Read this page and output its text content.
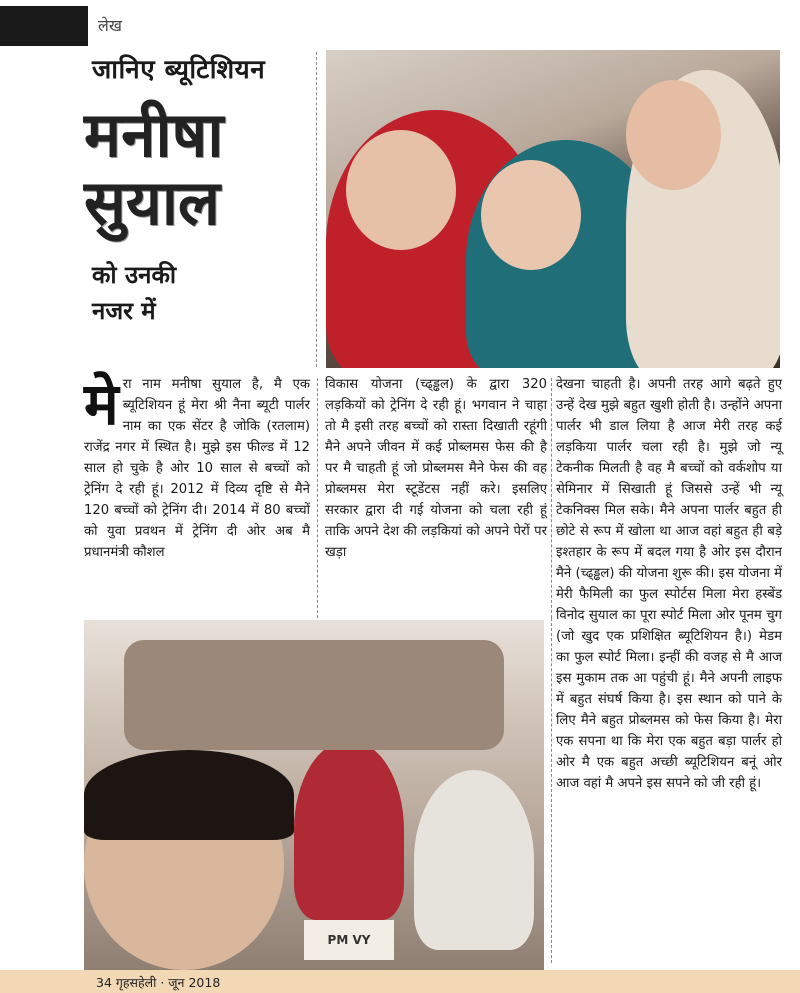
लेख
जानिए ब्यूटिशियन
मनीषा
सुयाल
को उनकी
नजर में
मे रा नाम मनीषा सुयाल है, मै एक ब्यूटिशियन हूं मेरा श्री नैना ब्यूटी पार्लर नाम का एक सेंटर है जोकि (रतलाम) राजेंद्र नगर में स्थित है। मुझे इस फील्ड में 12 साल हो चुके है ओर 10 साल से बच्चों को ट्रेनिंग दे रही हूं। 2012 में दिव्य दृष्टि से मैने 120 बच्चों को ट्रेनिंग दी। 2014 में 80 बच्चों को युवा प्रवथन में ट्रेनिंग दी ओर अब मै प्रधानमंत्री कौशल

विकास योजना (च्ढ्ड्ढल) के द्वारा 320 लड़कियों को ट्रेनिंग दे रही हूं। भगवान ने चाहा तो मै इसी तरह बच्चों को रास्ता दिखाती रहूंगी मैने अपने जीवन में कई प्रोब्लमस फेस की है पर मै चाहती हूं जो प्रोब्लमस मैने फेस की वह प्रोब्लमस मेरा स्टूडेंटस नहीं करे। इसलिए सरकार द्वारा दी गई योजना को चला रही हूं ताकि अपने देश की लड़कियां को अपने पेरों पर खड़ा

देखना चाहती है। अपनी तरह आगे बढ़ते हुए उन्हें देख मुझे बहुत खुशी होती है। उन्होंने अपना पार्लर भी डाल लिया है आज मेरी तरह कई लड़किया पार्लर चला रही है। मुझे जो न्यू टेकनीक मिलती है वह मै बच्चों को वर्कशोप या सेमिनार में सिखाती हूं जिससे उन्हें भी न्यू टेकनिक्स मिल सके। मैने अपना पार्लर बहुत ही छोटे से रूप में खोला था आज वहां बहुत ही बड़े इश्तहार के रूप में बदल गया है ओर इस दौरान मैने (च्ढ्ड्ढल) की योजना शुरू की। इस योजना में मेरी फैमिली का फुल स्पोर्टस मिला मेरा हस्बेंड विनोद सुयाल का पूरा स्पोर्ट मिला ओर पूनम चुग (जो खुद एक प्रशिक्षित ब्यूटिशियन है।) मेडम का फुल स्पोर्ट मिला। इन्हीं की वजह से मै आज इस मुकाम तक आ पहुंची हूं। मैने अपनी लाइफ में बहुत संघर्ष किया है। इस स्थान को पाने के लिए मैने बहुत प्रोब्लमस को फेस किया है। मेरा एक सपना था कि मेरा एक बहुत बड़ा पार्लर हो ओर मै एक बहुत अच्छी ब्यूटिशियन बनूं ओर आज वहां मै अपने इस सपने को जी रही हूं।

PM VY
34 गृहसहेली · जून 2018
